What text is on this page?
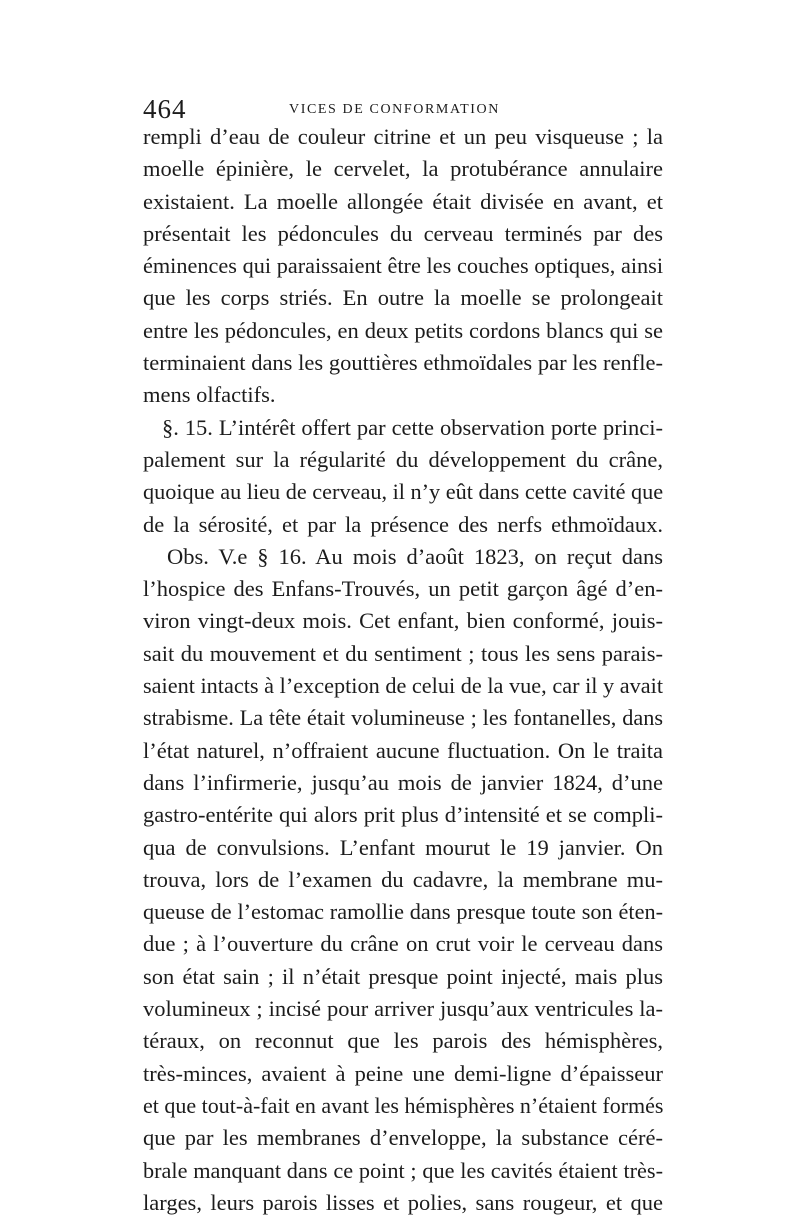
464	VICES DE CONFORMATION
rempli d’eau de couleur citrine et un peu visqueuse ; la
moelle épinière, le cervelet, la protubérance annulaire
existaient. La moelle allongée était divisée en avant, et
présentait les pédoncules du cerveau terminés par des
éminences qui paraissaient être les couches optiques, ainsi
que les corps striés. En outre la moelle se prolongeait
entre les pédoncules, en deux petits cordons blancs qui se
terminaient dans les gouttières ethmoïdales par les renfle-
mens olfactifs.
§. 15. L’intérêt offert par cette observation porte princi-
palement sur la régularité du développement du crâne,
quoique au lieu de cerveau, il n’y eût dans cette cavité que
de la sérosité, et par la présence des nerfs ethmoïdaux.
Obs. V.e § 16. Au mois d’août 1823, on reçut dans
l’hospice des Enfans-Trouvés, un petit garçon âgé d’en-
viron vingt-deux mois. Cet enfant, bien conformé, jouis-
sait du mouvement et du sentiment ; tous les sens parais-
saient intacts à l’exception de celui de la vue, car il y avait
strabisme. La tête était volumineuse ; les fontanelles, dans
l’état naturel, n’offraient aucune fluctuation. On le traita
dans l’infirmerie, jusqu’au mois de janvier 1824, d’une
gastro-entérite qui alors prit plus d’intensité et se compli-
qua de convulsions. L’enfant mourut le 19 janvier. On
trouva, lors de l’examen du cadavre, la membrane mu-
queuse de l’estomac ramollie dans presque toute son éten-
due ; à l’ouverture du crâne on crut voir le cerveau dans
son état sain ; il n’était presque point injecté, mais plus
volumineux ; incisé pour arriver jusqu’aux ventricules la-
téraux, on reconnut que les parois des hémisphères,
très-minces, avaient à peine une demi-ligne d’épaisseur
et que tout-à-fait en avant les hémisphères n’étaient formés
que par les membranes d’enveloppe, la substance céré-
brale manquant dans ce point ; que les cavités étaient très-
larges, leurs parois lisses et polies, sans rougeur, et que
